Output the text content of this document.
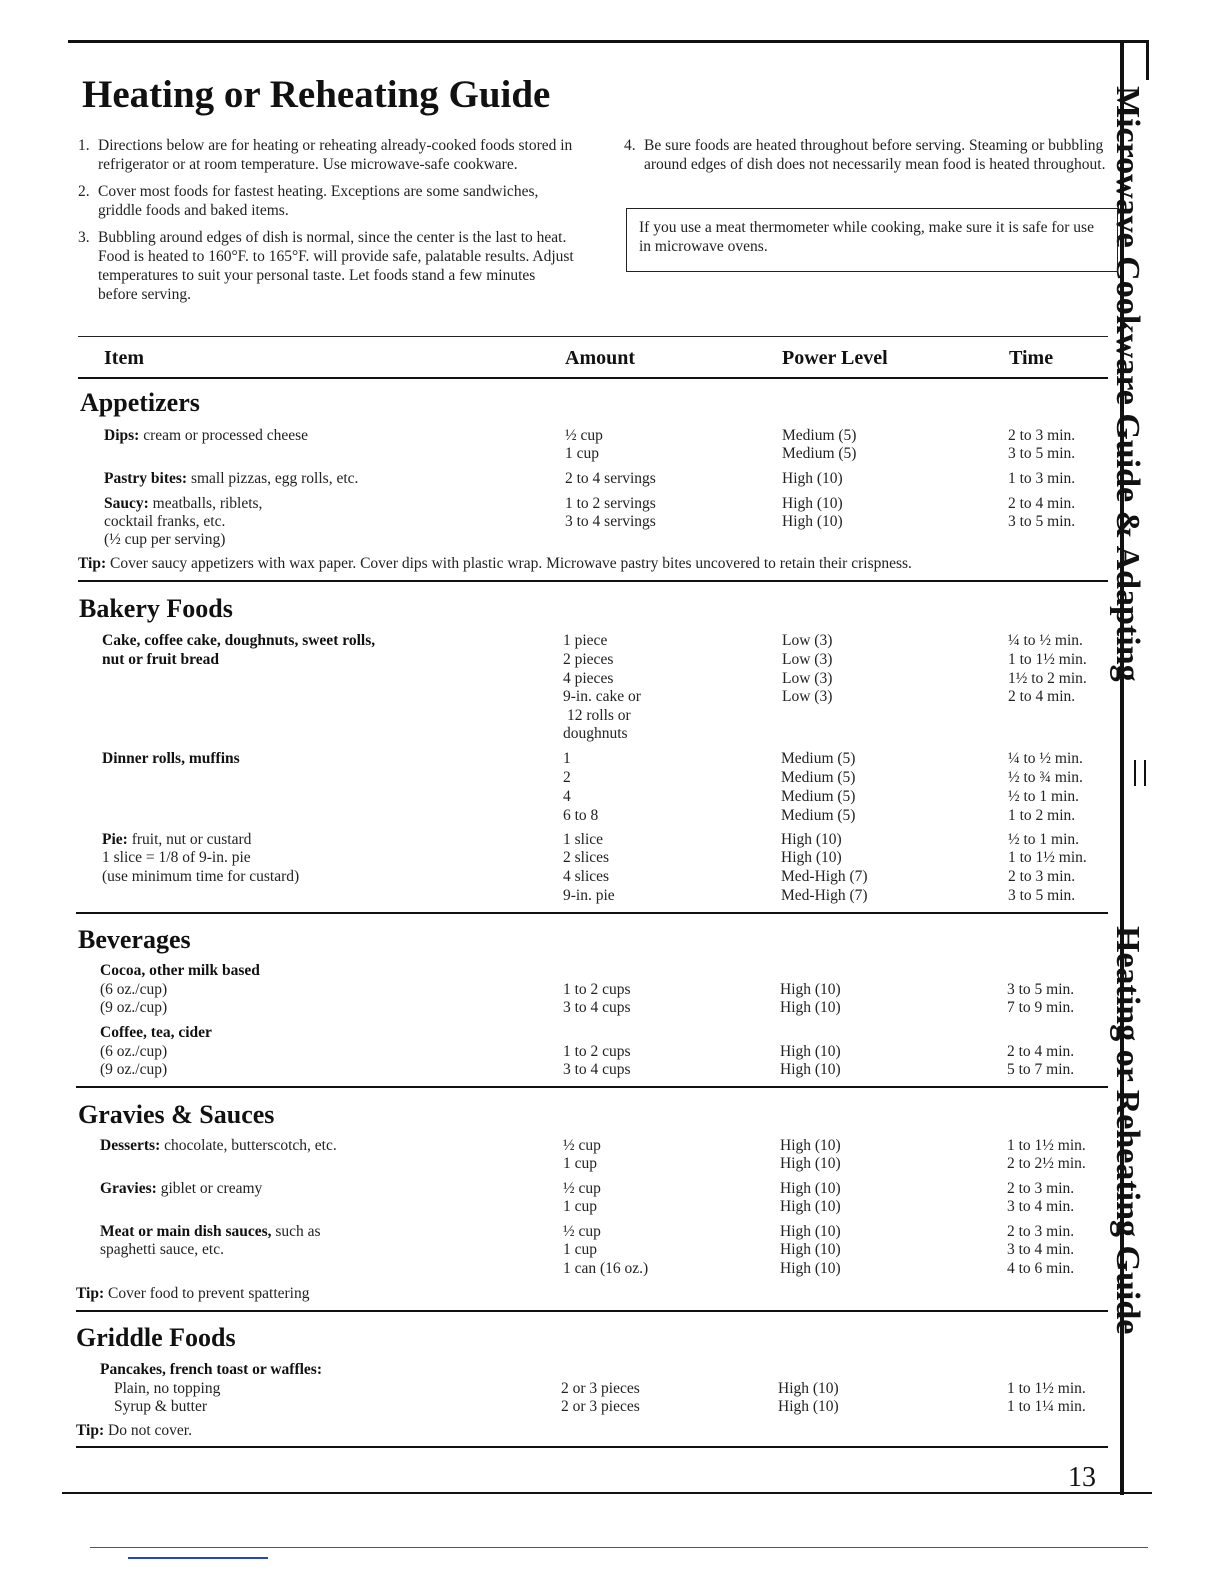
Microwave Cookware Guide & Adapting
Heating or Reheating Guide
Heating or Reheating Guide
1. Directions below are for heating or reheating already-cooked foods stored in refrigerator or at room temperature. Use microwave-safe cookware.
2. Cover most foods for fastest heating. Exceptions are some sandwiches, griddle foods and baked items.
3. Bubbling around edges of dish is normal, since the center is the last to heat. Food is heated to 160°F. to 165°F. will provide safe, palatable results. Adjust temperatures to suit your personal taste. Let foods stand a few minutes before serving.
4. Be sure foods are heated throughout before serving. Steaming or bubbling around edges of dish does not necessarily mean food is heated throughout.
If you use a meat thermometer while cooking, make sure it is safe for use in microwave ovens.
Item	Amount	Power Level	Time
Appetizers
Dips: cream or processed cheese	½ cup	Medium (5)	2 to 3 min.
1 cup	Medium (5)	3 to 5 min.
Pastry bites: small pizzas, egg rolls, etc.	2 to 4 servings	High (10)	1 to 3 min.
Saucy: meatballs, riblets,
cocktail franks, etc.
(½ cup per serving)
1 to 2 servings	High (10)	2 to 4 min.
3 to 4 servings	High (10)	3 to 5 min.
Tip: Cover saucy appetizers with wax paper. Cover dips with plastic wrap. Microwave pastry bites uncovered to retain their crispness.
Bakery Foods
Cake, coffee cake, doughnuts, sweet rolls,
nut or fruit bread
1 piece	Low (3)	¼ to ½ min.
2 pieces	Low (3)	1 to 1½ min.
4 pieces	Low (3)	1½ to 2 min.
9-in. cake or	Low (3)	2 to 4 min.
12 rolls or
doughnuts
Dinner rolls, muffins	1	Medium (5)	¼ to ½ min.
2	Medium (5)	½ to ¾ min.
4	Medium (5)	½ to 1 min.
6 to 8	Medium (5)	1 to 2 min.
Pie: fruit, nut or custard
1 slice = 1/8 of 9-in. pie
(use minimum time for custard)
1 slice	High (10)	½ to 1 min.
2 slices	High (10)	1 to 1½ min.
4 slices	Med-High (7)	2 to 3 min.
9-in. pie	Med-High (7)	3 to 5 min.
Beverages
Cocoa, other milk based
(6 oz./cup)	1 to 2 cups	High (10)	3 to 5 min.
(9 oz./cup)	3 to 4 cups	High (10)	7 to 9 min.
Coffee, tea, cider
(6 oz./cup)	1 to 2 cups	High (10)	2 to 4 min.
(9 oz./cup)	3 to 4 cups	High (10)	5 to 7 min.
Gravies & Sauces
Desserts: chocolate, butterscotch, etc.	½ cup	High (10)	1 to 1½ min.
1 cup	High (10)	2 to 2½ min.
Gravies: giblet or creamy	½ cup	High (10)	2 to 3 min.
1 cup	High (10)	3 to 4 min.
Meat or main dish sauces, such as
spaghetti sauce, etc.
½ cup	High (10)	2 to 3 min.
1 cup	High (10)	3 to 4 min.
1 can (16 oz.)	High (10)	4 to 6 min.
Tip: Cover food to prevent spattering
Griddle Foods
Pancakes, french toast or waffles:
Plain, no topping	2 or 3 pieces	High (10)	1 to 1½ min.
Syrup & butter	2 or 3 pieces	High (10)	1 to 1¼ min.
Tip: Do not cover.
13
